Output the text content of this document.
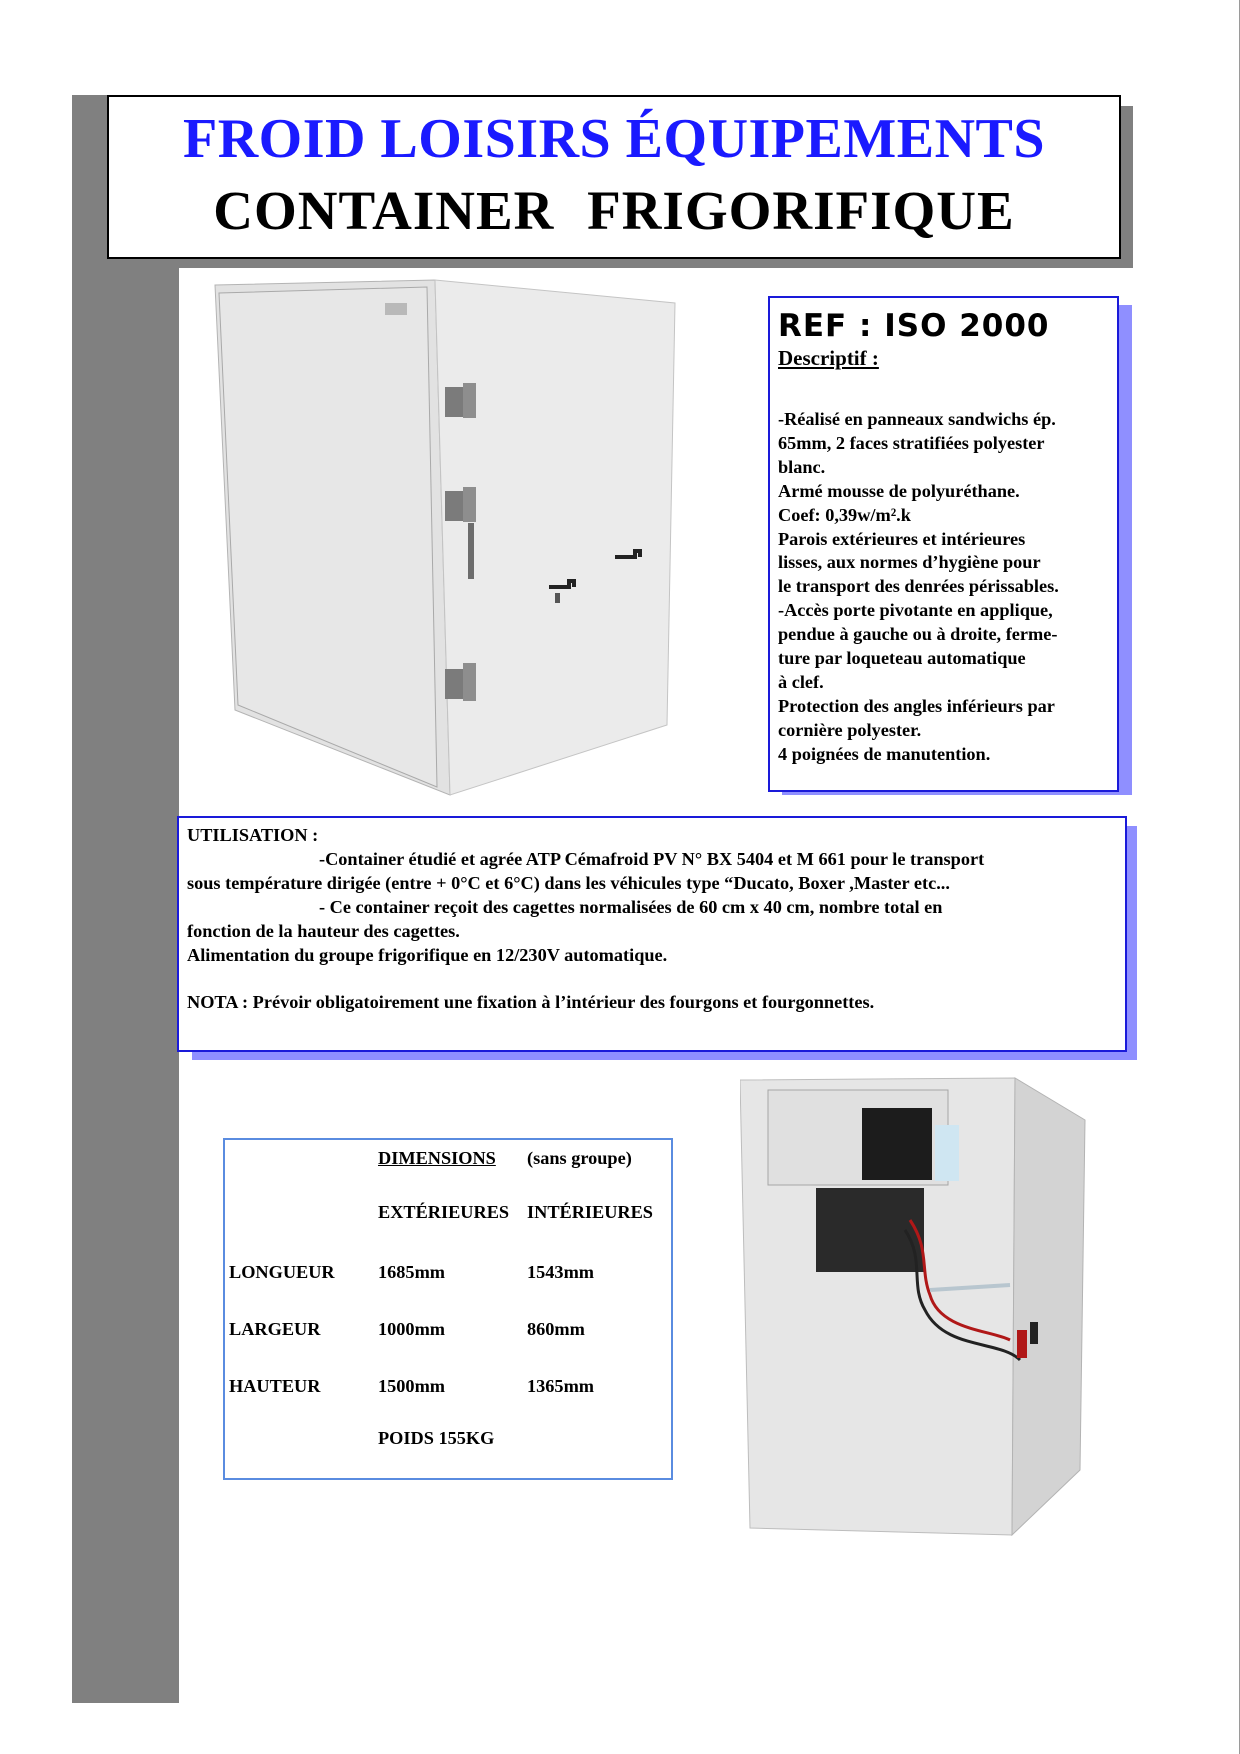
FROID LOISIRS ÉQUIPEMENTS
CONTAINER FRIGORIFIQUE
REF : ISO 2000
Descriptif :
-Réalisé en panneaux sandwichs ép.
65mm, 2 faces stratifiées polyester
blanc.
Armé mousse de polyuréthane.
Coef: 0,39w/m².k
Parois extérieures et intérieures
lisses, aux normes d’hygiène pour
le transport des denrées périssables.
-Accès porte pivotante en applique,
pendue à gauche ou à droite, ferme-
ture par loqueteau automatique
à clef.
Protection des angles inférieurs par
cornière polyester.
4 poignées de manutention.
UTILISATION :
-Container étudié et agrée ATP Cémafroid PV N° BX 5404 et M 661 pour le transport
sous température dirigée (entre + 0°C et 6°C) dans les véhicules type “Ducato, Boxer ,Master etc...
- Ce container reçoit des cagettes normalisées de 60 cm x 40 cm, nombre total en
fonction de la hauteur des cagettes.
Alimentation du groupe frigorifique en 12/230V automatique.
NOTA : Prévoir obligatoirement une fixation à l’intérieur des fourgons et fourgonnettes.
DIMENSIONS (sans groupe)
EXTÉRIEURES INTÉRIEURES
LONGUEUR 1685mm	1543mm
LARGEUR	1000mm	860mm
HAUTEUR	1500mm	1365mm
POIDS 155KG
